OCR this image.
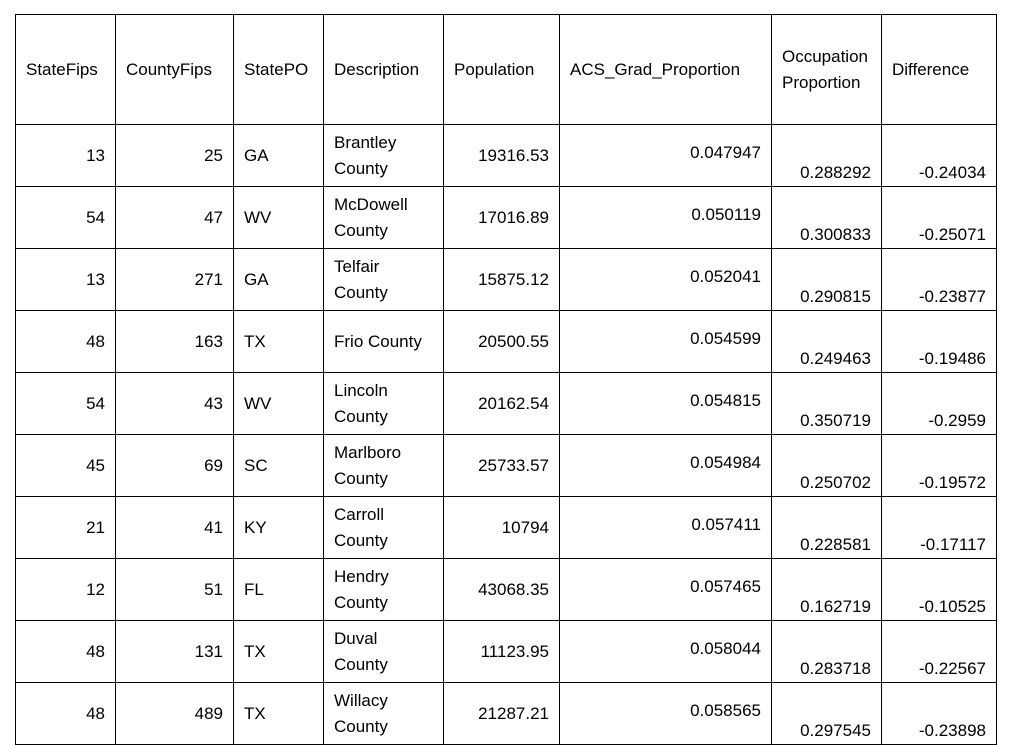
StateFips	CountyFips	StatePO	Description	Population	ACS_Grad_Proportion	Occupation Proportion	Difference
13	25	GA	Brantley County	19316.53	0.047947	0.288292	-0.24034
54	47	WV	McDowell County	17016.89	0.050119	0.300833	-0.25071
13	271	GA	Telfair County	15875.12	0.052041	0.290815	-0.23877
48	163	TX	Frio County	20500.55	0.054599	0.249463	-0.19486
54	43	WV	Lincoln County	20162.54	0.054815	0.350719	-0.2959
45	69	SC	Marlboro County	25733.57	0.054984	0.250702	-0.19572
21	41	KY	Carroll County	10794	0.057411	0.228581	-0.17117
12	51	FL	Hendry County	43068.35	0.057465	0.162719	-0.10525
48	131	TX	Duval County	11123.95	0.058044	0.283718	-0.22567
48	489	TX	Willacy County	21287.21	0.058565	0.297545	-0.23898
